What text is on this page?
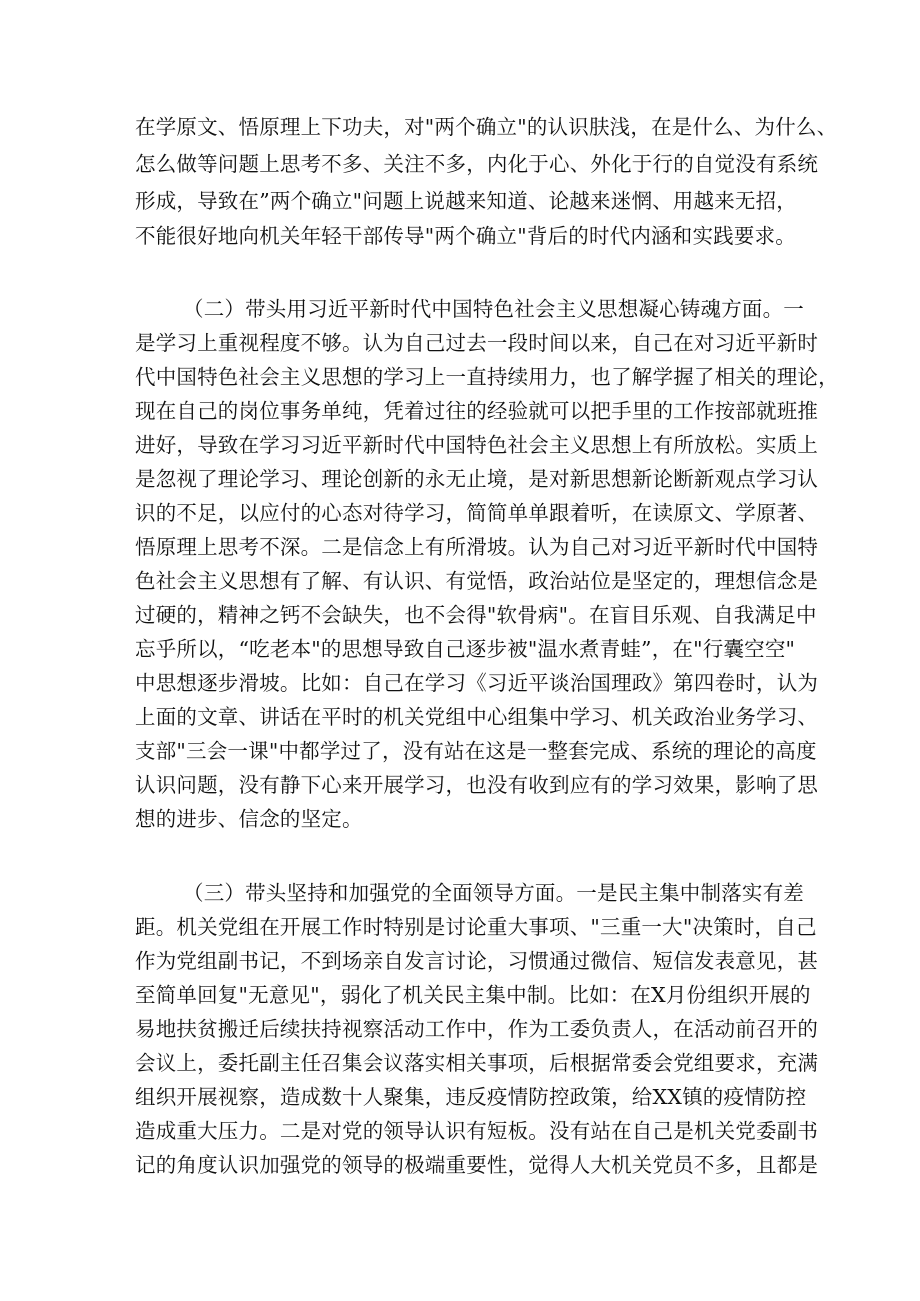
在学原文、悟原理上下功夫，对"两个确立"的认识肤浅，在是什么、为什么、
怎么做等问题上思考不多、关注不多，内化于心、外化于行的自觉没有系统
形成，导致在”两个确立"问题上说越来知道、论越来迷惘、用越来无招，
不能很好地向机关年轻干部传导"两个确立"背后的时代内涵和实践要求。
（二）带头用习近平新时代中国特色社会主义思想凝心铸魂方面。一
是学习上重视程度不够。认为自己过去一段时间以来，自己在对习近平新时
代中国特色社会主义思想的学习上一直持续用力，也了解学握了相关的理论，
现在自己的岗位事务单纯，凭着过往的经验就可以把手里的工作按部就班推
进好，导致在学习习近平新时代中国特色社会主义思想上有所放松。实质上
是忽视了理论学习、理论创新的永无止境，是对新思想新论断新观点学习认
识的不足，以应付的心态对待学习，简简单单跟着听，在读原文、学原著、
悟原理上思考不深。二是信念上有所滑坡。认为自己对习近平新时代中国特
色社会主义思想有了解、有认识、有觉悟，政治站位是坚定的，理想信念是
过硬的，精神之钙不会缺失，也不会得"软骨病"。在盲目乐观、自我满足中
忘乎所以，“吃老本"的思想导致自己逐步被"温水煮青蛙”，在"行囊空空"
中思想逐步滑坡。比如：自己在学习《习近平谈治国理政》第四卷时，认为
上面的文章、讲话在平时的机关党组中心组集中学习、机关政治业务学习、
支部"三会一课"中都学过了，没有站在这是一整套完成、系统的理论的高度
认识问题，没有静下心来开展学习，也没有收到应有的学习效果，影响了思
想的进步、信念的坚定。
（三）带头坚持和加强党的全面领导方面。一是民主集中制落实有差
距。机关党组在开展工作时特别是讨论重大事项、"三重一大"决策时，自己
作为党组副书记，不到场亲自发言讨论，习惯通过微信、短信发表意见，甚
至简单回复"无意见"，弱化了机关民主集中制。比如：在X月份组织开展的
易地扶贫搬迁后续扶持视察活动工作中，作为工委负责人，在活动前召开的
会议上，委托副主任召集会议落实相关事项，后根据常委会党组要求，充满
组织开展视察，造成数十人聚集，违反疫情防控政策，给XX镇的疫情防控
造成重大压力。二是对党的领导认识有短板。没有站在自己是机关党委副书
记的角度认识加强党的领导的极端重要性，觉得人大机关党员不多，且都是
